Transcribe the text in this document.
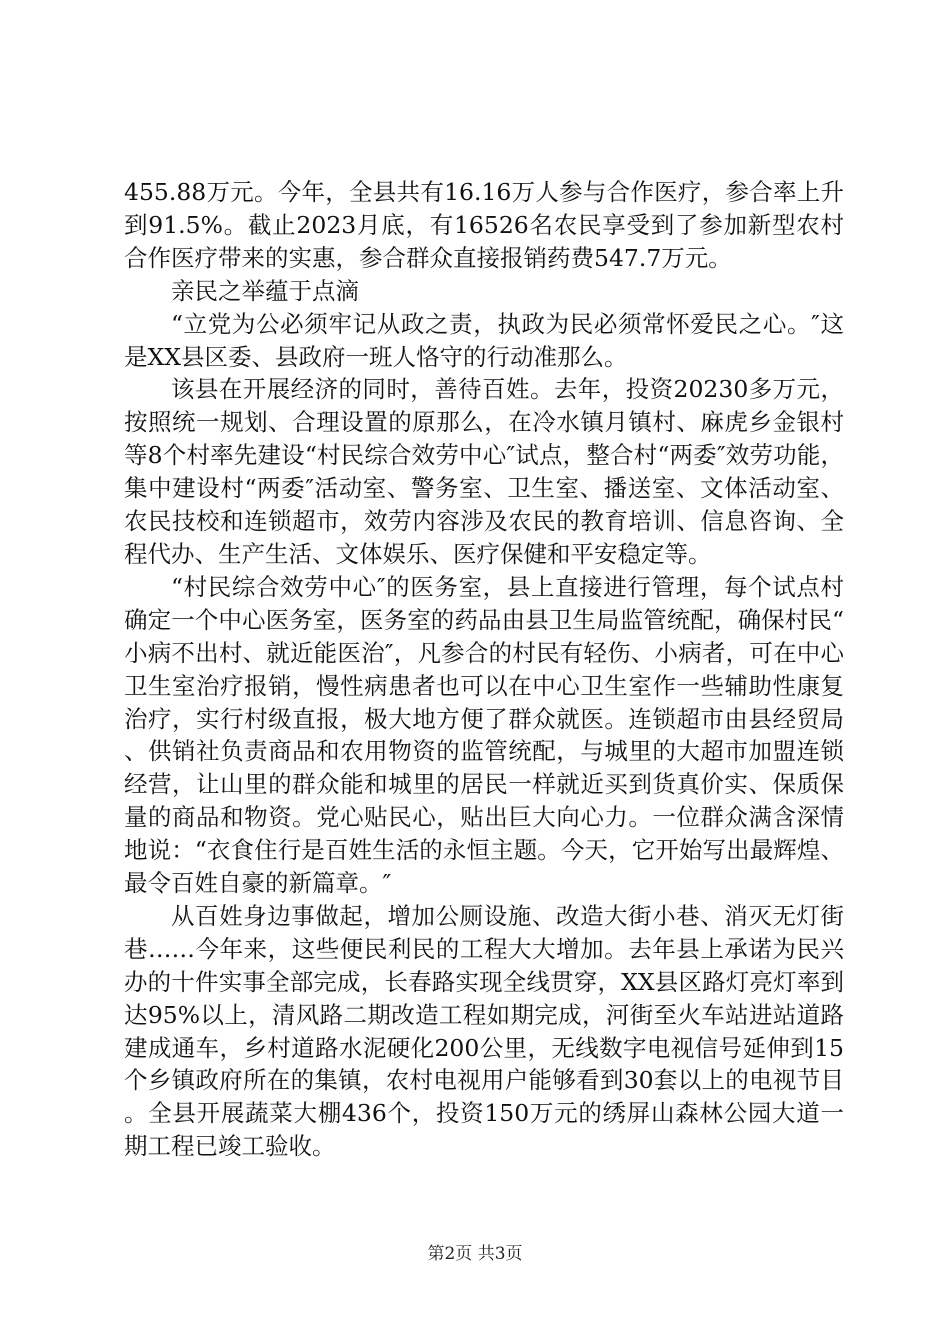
455.88万元。今年，全县共有16.16万人参与合作医疗，参合率上升到91.5%。截止2023月底，有16526名农民享受到了参加新型农村合作医疗带来的实惠，参合群众直接报销药费547.7万元。

亲民之举蕴于点滴

“立党为公必须牢记从政之责，执政为民必须常怀爱民之心。″这是XX县区委、县政府一班人恪守的行动准那么。

该县在开展经济的同时，善待百姓。去年，投资20230多万元，按照统一规划、合理设置的原那么，在冷水镇月镇村、麻虎乡金银村等8个村率先建设“村民综合效劳中心″试点，整合村“两委″效劳功能，集中建设村“两委″活动室、警务室、卫生室、播送室、文体活动室、农民技校和连锁超市，效劳内容涉及农民的教育培训、信息咨询、全程代办、生产生活、文体娱乐、医疗保健和平安稳定等。

“村民综合效劳中心″的医务室，县上直接进行管理，每个试点村确定一个中心医务室，医务室的药品由县卫生局监管统配，确保村民“小病不出村、就近能医治″，凡参合的村民有轻伤、小病者，可在中心卫生室治疗报销，慢性病患者也可以在中心卫生室作一些辅助性康复治疗，实行村级直报，极大地方便了群众就医。连锁超市由县经贸局、供销社负责商品和农用物资的监管统配，与城里的大超市加盟连锁经营，让山里的群众能和城里的居民一样就近买到货真价实、保质保量的商品和物资。党心贴民心，贴出巨大向心力。一位群众满含深情地说：“衣食住行是百姓生活的永恒主题。今天，它开始写出最辉煌、最令百姓自豪的新篇章。″

从百姓身边事做起，增加公厕设施、改造大街小巷、消灭无灯街巷……今年来，这些便民利民的工程大大增加。去年县上承诺为民兴办的十件实事全部完成，长春路实现全线贯穿，XX县区路灯亮灯率到达95%以上，清风路二期改造工程如期完成，河街至火车站进站道路建成通车，乡村道路水泥硬化200公里，无线数字电视信号延伸到15个乡镇政府所在的集镇，农村电视用户能够看到30套以上的电视节目。全县开展蔬菜大棚436个，投资150万元的绣屏山森林公园大道一期工程已竣工验收。

第2页 共3页
